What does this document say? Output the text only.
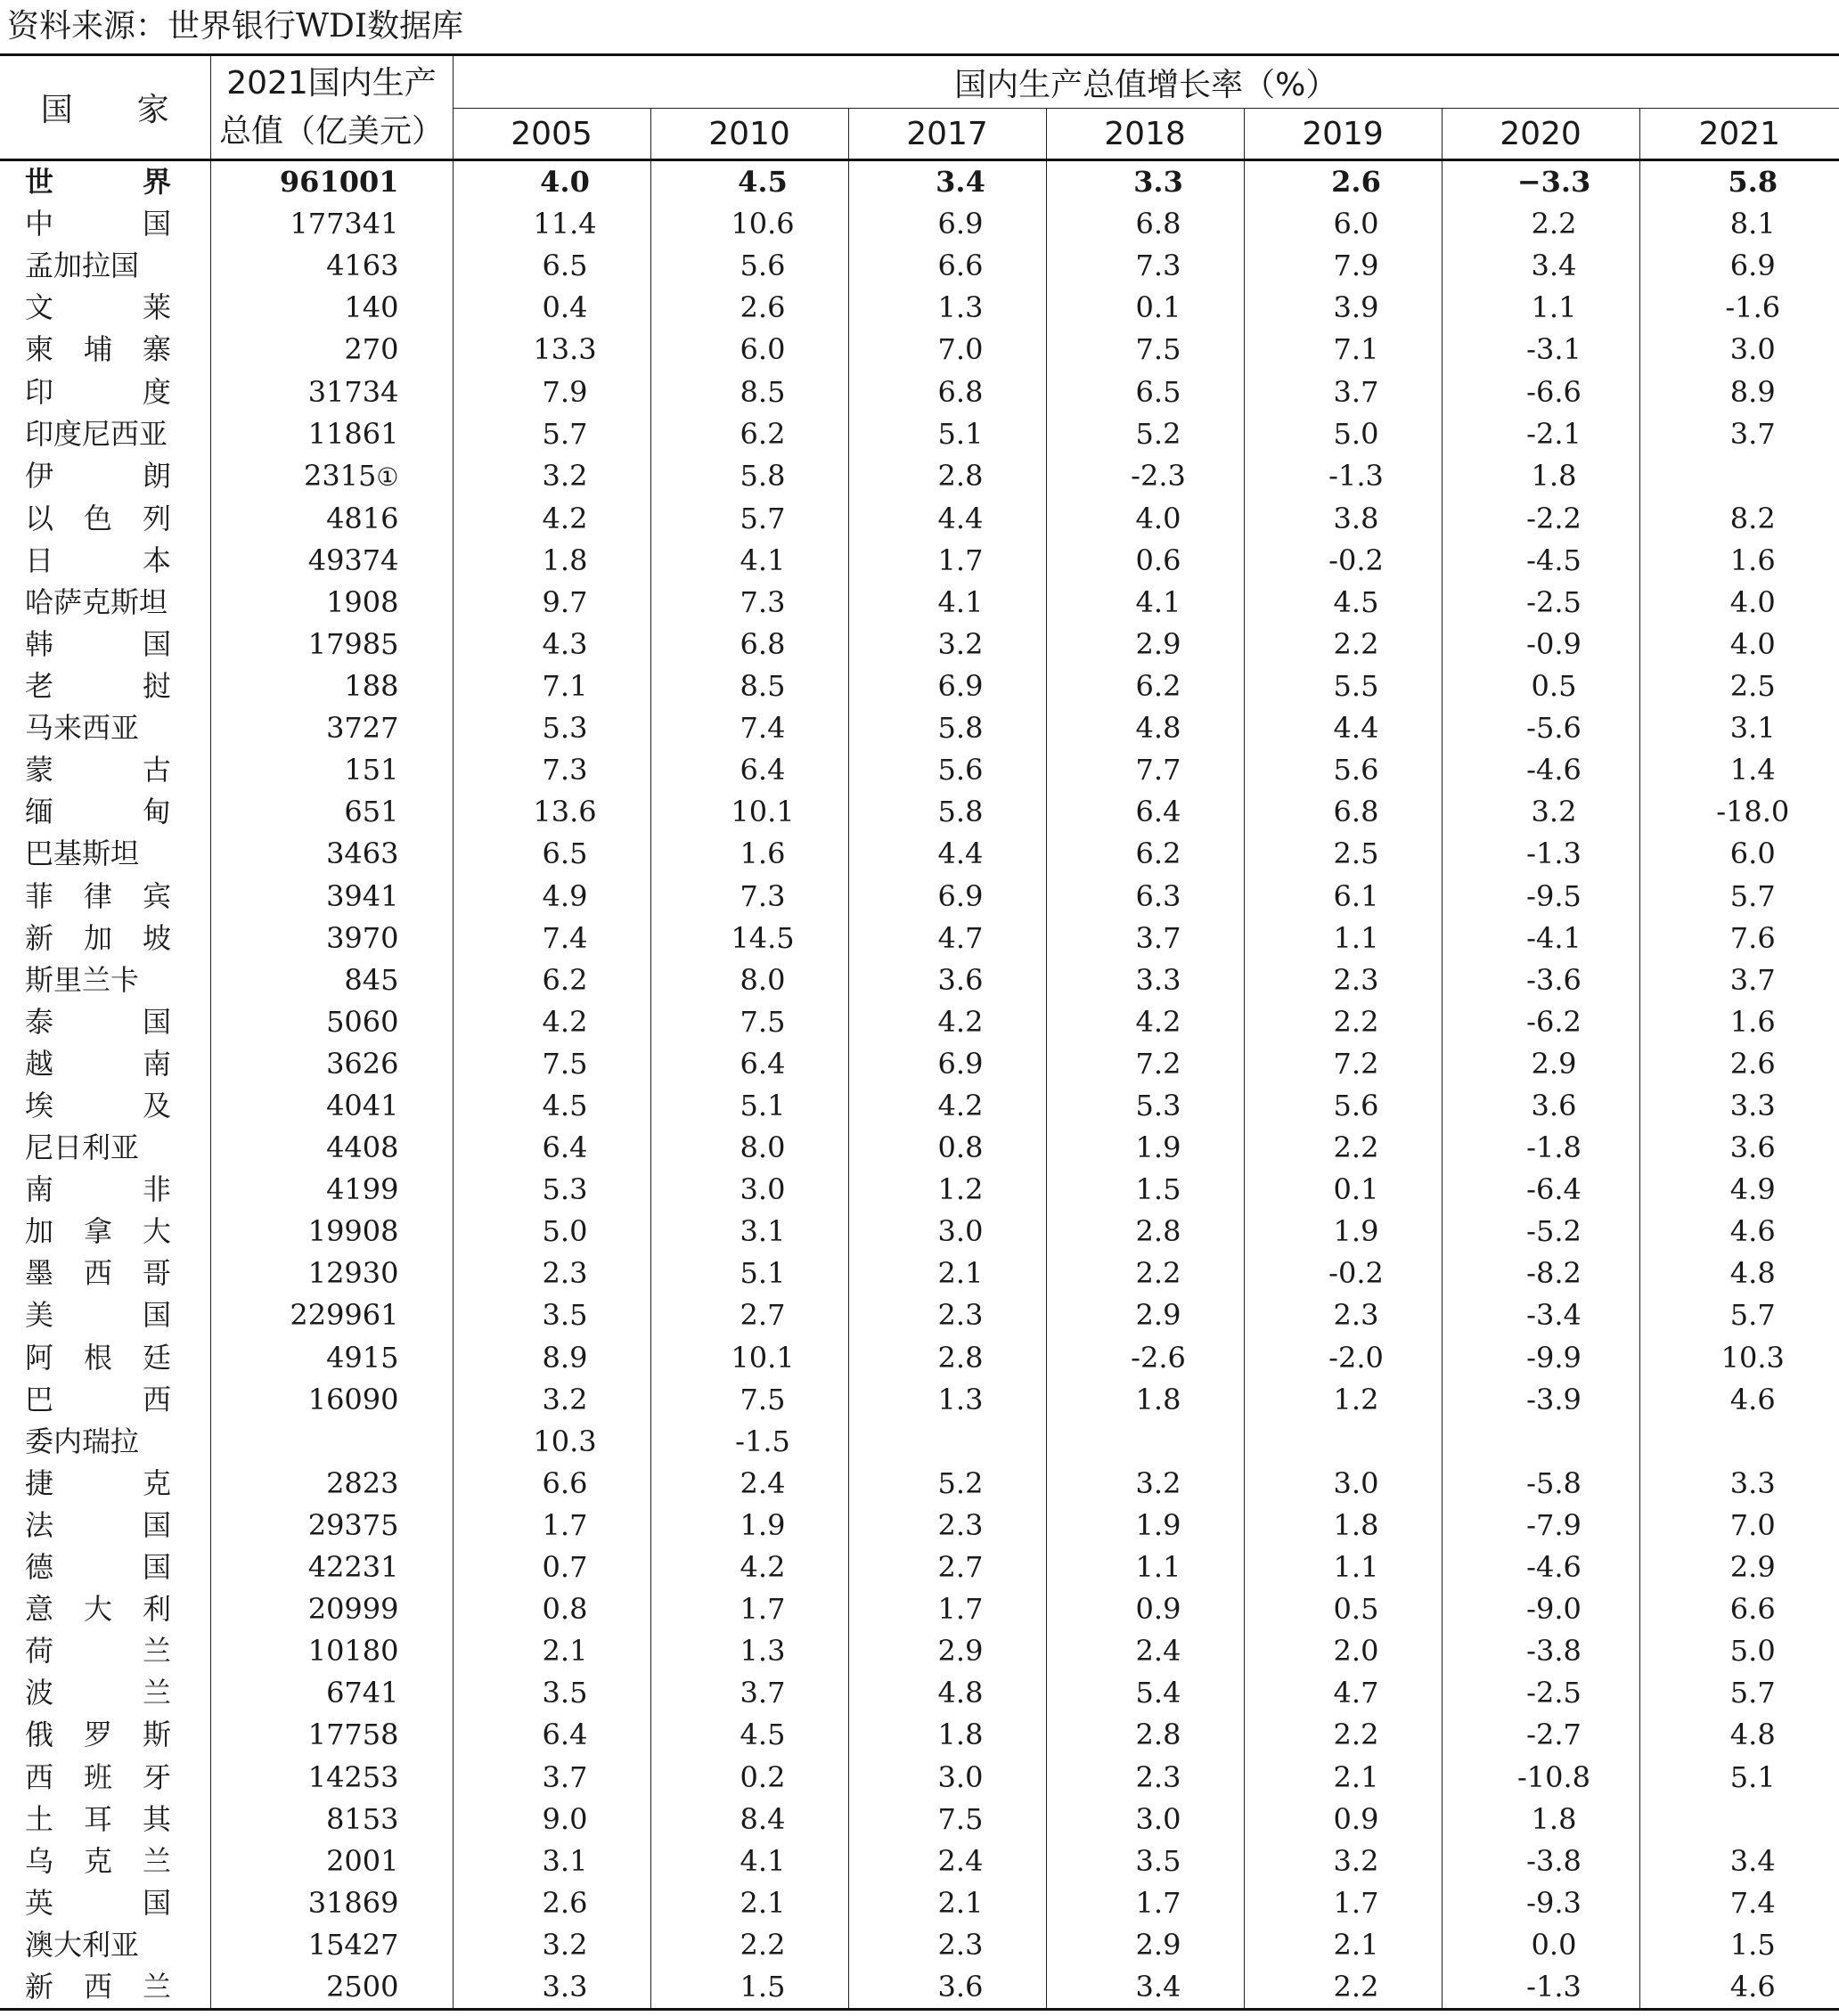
资料来源：世界银行WDI数据库
国　　家	2021国内生产
总值（亿美元）	国内生产总值增长率（%）						
		2005	2010	2017	2018	2019	2020	2021

世 界	961001	4.0	4.5	3.4	3.3	2.6	−3.3	5.8

中 国	177341	11.4	10.6	6.9	6.8	6.0	2.2	8.1

孟加拉国	4163	6.5	5.6	6.6	7.3	7.9	3.4	6.9

文 莱	140	0.4	2.6	1.3	0.1	3.9	1.1	-1.6

柬 埔 寨	270	13.3	6.0	7.0	7.5	7.1	-3.1	3.0

印 度	31734	7.9	8.5	6.8	6.5	3.7	-6.6	8.9

印度尼西亚	11861	5.7	6.2	5.1	5.2	5.0	-2.1	3.7

伊 朗	2315①	3.2	5.8	2.8	-2.3	-1.3	1.8	

以 色 列	4816	4.2	5.7	4.4	4.0	3.8	-2.2	8.2

日 本	49374	1.8	4.1	1.7	0.6	-0.2	-4.5	1.6

哈萨克斯坦	1908	9.7	7.3	4.1	4.1	4.5	-2.5	4.0

韩 国	17985	4.3	6.8	3.2	2.9	2.2	-0.9	4.0

老 挝	188	7.1	8.5	6.9	6.2	5.5	0.5	2.5

马来西亚	3727	5.3	7.4	5.8	4.8	4.4	-5.6	3.1

蒙 古	151	7.3	6.4	5.6	7.7	5.6	-4.6	1.4

缅 甸	651	13.6	10.1	5.8	6.4	6.8	3.2	-18.0

巴基斯坦	3463	6.5	1.6	4.4	6.2	2.5	-1.3	6.0

菲 律 宾	3941	4.9	7.3	6.9	6.3	6.1	-9.5	5.7

新 加 坡	3970	7.4	14.5	4.7	3.7	1.1	-4.1	7.6

斯里兰卡	845	6.2	8.0	3.6	3.3	2.3	-3.6	3.7

泰 国	5060	4.2	7.5	4.2	4.2	2.2	-6.2	1.6

越 南	3626	7.5	6.4	6.9	7.2	7.2	2.9	2.6

埃 及	4041	4.5	5.1	4.2	5.3	5.6	3.6	3.3

尼日利亚	4408	6.4	8.0	0.8	1.9	2.2	-1.8	3.6

南 非	4199	5.3	3.0	1.2	1.5	0.1	-6.4	4.9

加 拿 大	19908	5.0	3.1	3.0	2.8	1.9	-5.2	4.6

墨 西 哥	12930	2.3	5.1	2.1	2.2	-0.2	-8.2	4.8

美 国	229961	3.5	2.7	2.3	2.9	2.3	-3.4	5.7

阿 根 廷	4915	8.9	10.1	2.8	-2.6	-2.0	-9.9	10.3

巴 西	16090	3.2	7.5	1.3	1.8	1.2	-3.9	4.6

委内瑞拉		10.3	-1.5					

捷 克	2823	6.6	2.4	5.2	3.2	3.0	-5.8	3.3

法 国	29375	1.7	1.9	2.3	1.9	1.8	-7.9	7.0

德 国	42231	0.7	4.2	2.7	1.1	1.1	-4.6	2.9

意 大 利	20999	0.8	1.7	1.7	0.9	0.5	-9.0	6.6

荷 兰	10180	2.1	1.3	2.9	2.4	2.0	-3.8	5.0

波 兰	6741	3.5	3.7	4.8	5.4	4.7	-2.5	5.7

俄 罗 斯	17758	6.4	4.5	1.8	2.8	2.2	-2.7	4.8

西 班 牙	14253	3.7	0.2	3.0	2.3	2.1	-10.8	5.1

土 耳 其	8153	9.0	8.4	7.5	3.0	0.9	1.8	

乌 克 兰	2001	3.1	4.1	2.4	3.5	3.2	-3.8	3.4

英 国	31869	2.6	2.1	2.1	1.7	1.7	-9.3	7.4

澳大利亚	15427	3.2	2.2	2.3	2.9	2.1	0.0	1.5

新 西 兰	2500	3.3	1.5	3.6	3.4	2.2	-1.3	4.6
